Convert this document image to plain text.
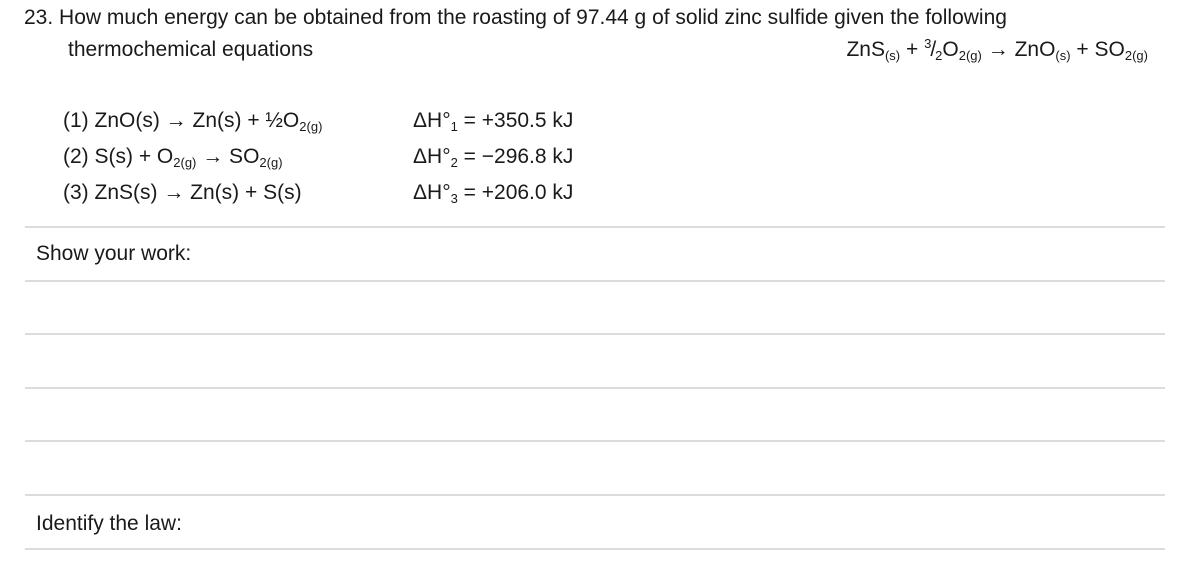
23. How much energy can be obtained from the roasting of 97.44 g of solid zinc sulfide given the following
thermochemical equations	$ZnS_{(s)} + ^3/_2O_{2(g)} \to ZnO_{(s)} + SO_{2(g)}$
(1) $ZnO(s) \to Zn(s) + \frac{1}{2}O_{2(g)}$
(2) $S(s) + O_{2(g)} \to SO_{2(g)}$
(3) ZnS(s) → Zn(s) + S(s)
$\Delta H^\circ_1 = +350.5$ kJ
$\Delta H^\circ_2 = -296.8$ kJ
$\Delta H^\circ_3 = +206.0$ kJ
Show your work:
Identify the law:
